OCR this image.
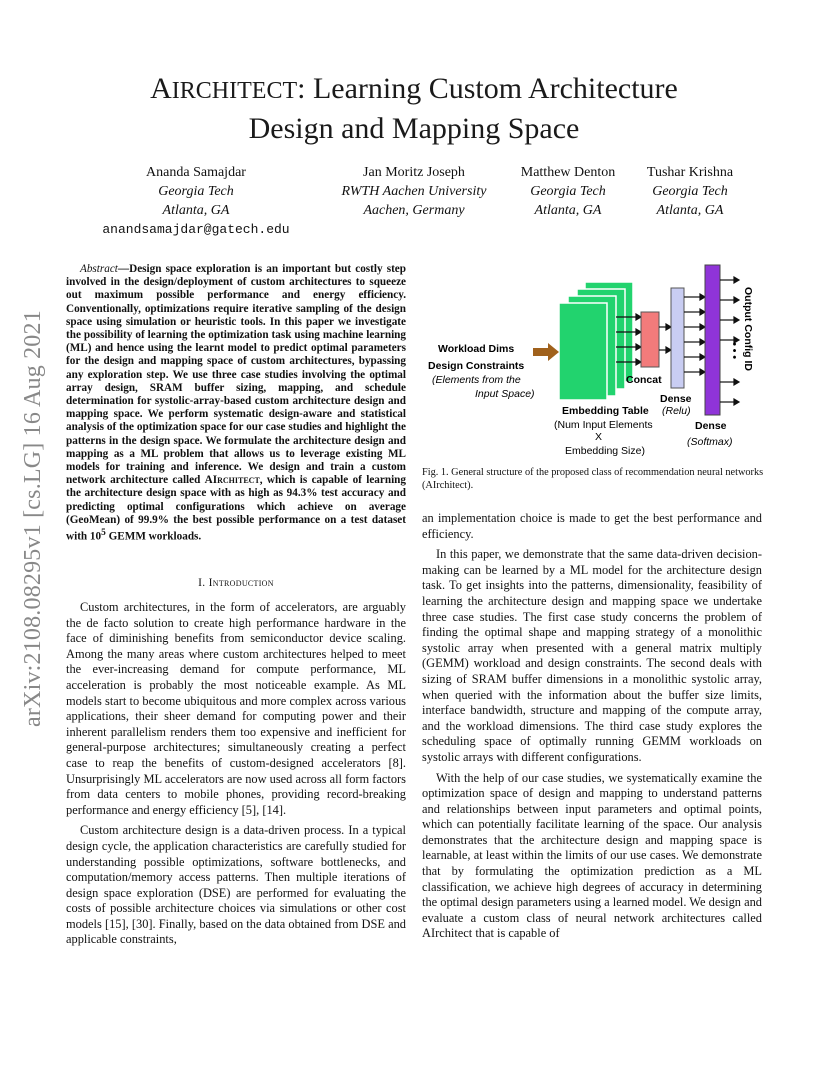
AIRCHITECT: Learning Custom Architecture
Design and Mapping Space
Ananda Samajdar
Georgia Tech
Atlanta, GA
anandsamajdar@gatech.edu
Jan Moritz Joseph
RWTH Aachen University
Aachen, Germany
Matthew Denton
Georgia Tech
Atlanta, GA
Tushar Krishna
Georgia Tech
Atlanta, GA
arXiv:2108.08295v1 [cs.LG] 16 Aug 2021
Abstract—Design space exploration is an important but costly step involved in the design/deployment of custom architectures to squeeze out maximum possible performance and energy efficiency. Conventionally, optimizations require iterative sampling of the design space using simulation or heuristic tools. In this paper we investigate the possibility of learning the optimization task using machine learning (ML) and hence using the learnt model to predict optimal parameters for the design and mapping space of custom architectures, bypassing any exploration step. We use three case studies involving the optimal array design, SRAM buffer sizing, mapping, and schedule determination for systolic-array-based custom architecture design and mapping space. We perform systematic design-aware and statistical analysis of the optimization space for our case studies and highlight the patterns in the design space. We formulate the architecture design and mapping as a ML problem that allows us to leverage existing ML models for training and inference. We design and train a custom network architecture called AIrchitect, which is capable of learning the architecture design space with as high as 94.3% test accuracy and predicting optimal configurations which achieve on average (GeoMean) of 99.9% the best possible performance on a test dataset with $10^5$ GEMM workloads.
I. Introduction

Custom architectures, in the form of accelerators, are arguably the de facto solution to create high performance hardware in the face of diminishing benefits from semiconductor device scaling. Among the many areas where custom architectures helped to meet the ever-increasing demand for compute performance, ML acceleration is probably the most noticeable example. As ML models start to become ubiquitous and more complex across various applications, their sheer demand for computing power and their inherent parallelism renders them too expensive and inefficient for general-purpose architectures; simultaneously creating a perfect case to reap the benefits of custom-designed accelerators [8]. Unsurprisingly ML accelerators are now used across all form factors from data centers to mobile phones, providing record-breaking performance and energy efficiency [5], [14].

Custom architecture design is a data-driven process. In a typical design cycle, the application characteristics are carefully studied for understanding possible optimizations, software bottlenecks, and computation/memory access patterns. Then multiple iterations of design space exploration (DSE) are performed for evaluating the costs of possible architecture choices via simulations or other cost models [15], [30]. Finally, based on the data obtained from DSE and applicable constraints,

Workload Dims
Design Constraints
(Elements from the
Input Space)
Embedding Table
(Num Input Elements
X
Embedding Size)
Concat
Dense
(Relu)
Dense
(Softmax)
• • • Output Config ID
Fig. 1. General structure of the proposed class of recommendation neural networks (AIrchitect).

an implementation choice is made to get the best performance and efficiency.

In this paper, we demonstrate that the same data-driven decision-making can be learned by a ML model for the architecture design task. To get insights into the patterns, dimensionality, feasibility of learning the architecture design and mapping space we undertake three case studies. The first case study concerns the problem of finding the optimal shape and mapping strategy of a monolithic systolic array when presented with a general matrix multiply (GEMM) workload and design constraints. The second deals with sizing of SRAM buffer dimensions in a monolithic systolic array, when queried with the information about the buffer size limits, interface bandwidth, structure and mapping of the compute array, and the workload dimensions. The third case study explores the scheduling space of optimally running GEMM workloads on systolic arrays with different configurations.

With the help of our case studies, we systematically examine the optimization space of design and mapping to understand patterns and relationships between input parameters and optimal points, which can potentially facilitate learning of the space. Our analysis demonstrates that the architecture design and mapping space is learnable, at least within the limits of our use cases. We demonstrate that by formulating the optimization prediction as a ML classification, we achieve high degrees of accuracy in determining the optimal design parameters using a learned model. We design and evaluate a custom class of neural network architectures called AIrchitect that is capable of
